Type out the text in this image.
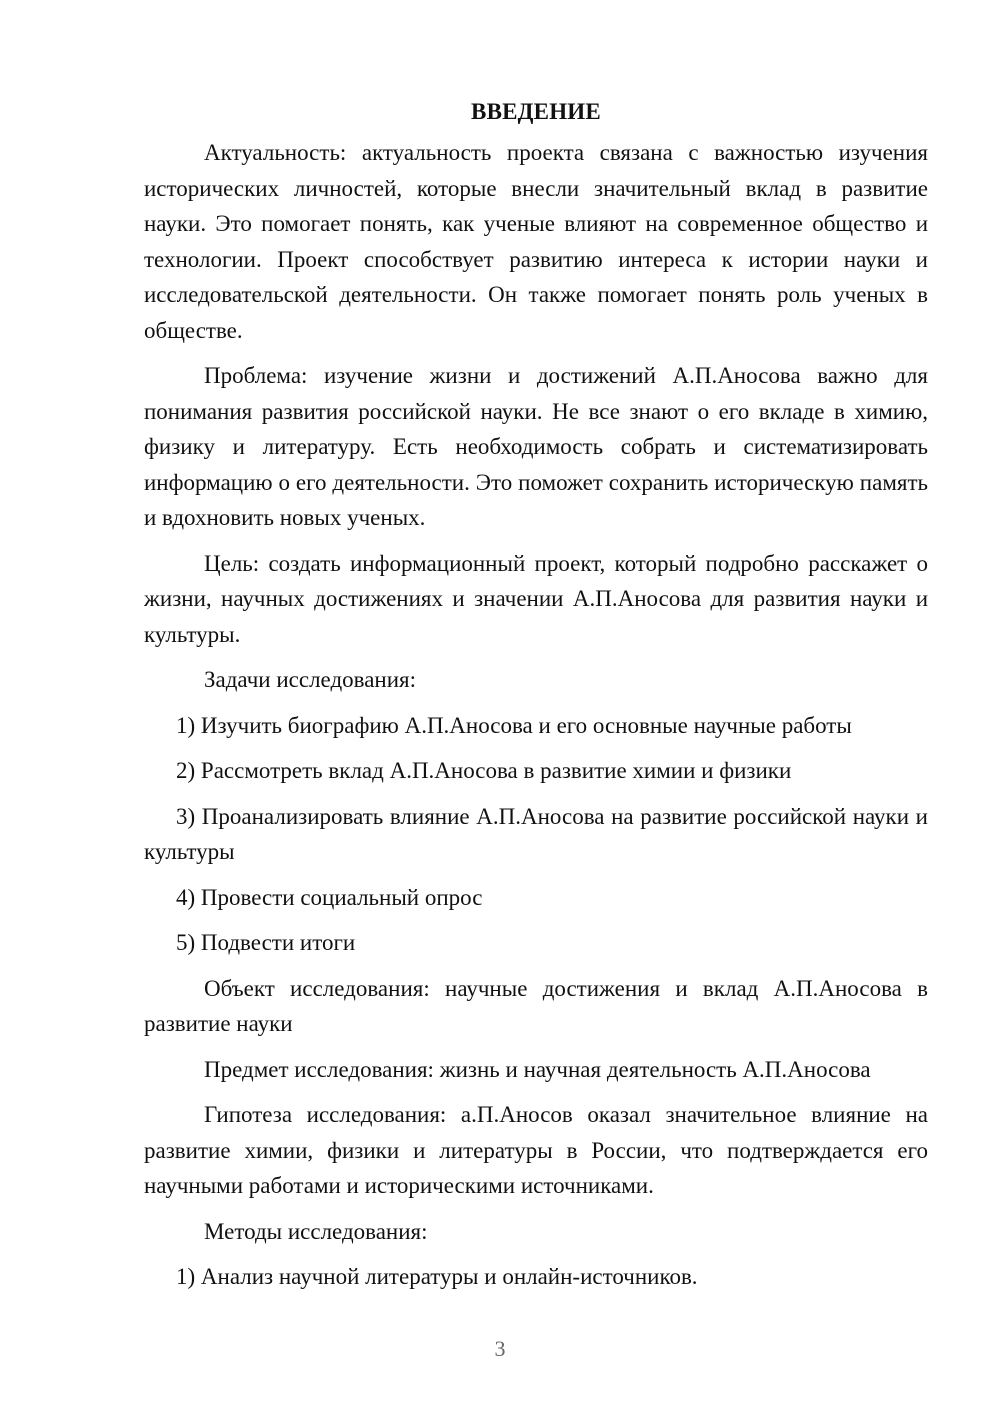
ВВЕДЕНИЕ

Актуальность: актуальность проекта связана с важностью изучения исторических личностей, которые внесли значительный вклад в развитие науки. Это помогает понять, как ученые влияют на современное общество и технологии. Проект способствует развитию интереса к истории науки и исследовательской деятельности. Он также помогает понять роль ученых в обществе.

Проблема: изучение жизни и достижений А.П.Аносова важно для понимания развития российской науки. Не все знают о его вкладе в химию, физику и литературу. Есть необходимость собрать и систематизировать информацию о его деятельности. Это поможет сохранить историческую память и вдохновить новых ученых.

Цель: создать информационный проект, который подробно расскажет о жизни, научных достижениях и значении А.П.Аносова для развития науки и культуры.

Задачи исследования:

1) Изучить биографию А.П.Аносова и его основные научные работы

2) Рассмотреть вклад А.П.Аносова в развитие химии и физики

3) Проанализировать влияние А.П.Аносова на развитие российской науки и культуры

4) Провести социальный опрос

5) Подвести итоги

Объект исследования: научные достижения и вклад А.П.Аносова в развитие науки

Предмет исследования: жизнь и научная деятельность А.П.Аносова

Гипотеза исследования: а.П.Аносов оказал значительное влияние на развитие химии, физики и литературы в России, что подтверждается его научными работами и историческими источниками.

Методы исследования:

1) Анализ научной литературы и онлайн-источников.

3
